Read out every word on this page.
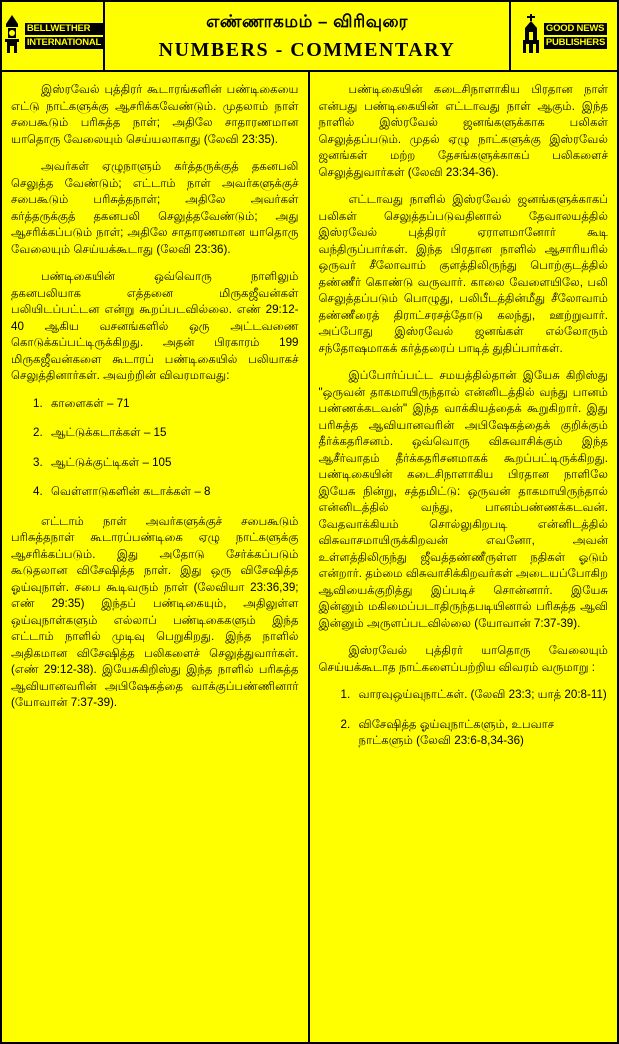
BELLWETHER
INTERNATIONAL
எண்ணாகமம் – விரிவுரை
NUMBERS - COMMENTARY
GOOD NEWS
PUBLISHERS

இஸ்ரவேல் புத்திரர் கூடாரங்களின் பண்டிகையை எட்டு நாட்களுக்கு ஆசரிக்கவேண்டும். முதலாம் நாள் சபைகூடும் பரிசுத்த நாள்; அதிலே சாதாரணமான யாதொரு வேலையும் செய்யலாகாது (லேவி 23:35).

அவர்கள் ஏழுநாளும் கர்த்தருக்குத் தகனபலி செலுத்த வேண்டும்; எட்டாம் நாள் அவர்களுக்குச் சபைகூடும் பரிசுத்தநாள்; அதிலே அவர்கள் கர்த்தருக்குத் தகனபலி செலுத்தவேண்டும்; அது ஆசரிக்கப்படும் நாள்; அதிலே சாதாரணமான யாதொரு வேலையும் செய்யக்கூடாது (லேவி 23:36).

பண்டிகையின் ஒவ்வொரு நாளிலும் தகனபலியாக எத்தனை மிருகஜீவன்கள் பலியிடப்பட்டன என்று கூறப்படவில்லை. எண் 29:12-40 ஆகிய வசனங்களில் ஒரு அட்டவணை கொடுக்கப்பட்டிருக்கிறது. அதன் பிரகாரம் 199 மிருகஜீவன்களை கூடாரப் பண்டிகையில் பலியாகச் செலுத்தினார்கள். அவற்றின் விவரமாவது:

காளைகள் – 71
ஆட்டுக்கடாக்கள் – 15
ஆட்டுக்குட்டிகள் – 105
வெள்ளாடுகளின் கடாக்கள் – 8

எட்டாம் நாள் அவர்களுக்குச் சபைகூடும் பரிசுத்தநாள் கூடாரப்பண்டிகை ஏழு நாட்களுக்கு ஆசரிக்கப்படும். இது அதோடு சேர்க்கப்படும் கூடுதலான விசேஷித்த நாள். இது ஒரு விசேஷித்த ஓய்வுநாள். சபை கூடிவரும் நாள் (லேவியா 23:36,39; எண் 29:35) இந்தப் பண்டிகையும், அதிலுள்ள ஒய்வுநாள்களும் எல்லாப் பண்டிகைகளும் இந்த எட்டாம் நாளில் முடிவு பெறுகிறது. இந்த நாளில் அதிகமான விசேஷித்த பலிகளைச் செலுத்துவார்கள். (எண் 29:12-38). இயேசுகிறிஸ்து இந்த நாளில் பரிசுத்த ஆவியானவரின் அபிஷேகத்தை வாக்குப்பண்ணினார் (யோவான் 7:37-39).

பண்டிகையின் கடைசிநாளாகிய பிரதான நாள் என்பது பண்டிகையின் எட்டாவது நாள் ஆகும். இந்த நாளில் இஸ்ரவேல் ஜனங்களுக்காக பலிகள் செலுத்தப்படும். முதல் ஏழு நாட்களுக்கு இஸ்ரவேல் ஜனங்கள் மற்ற தேசங்களுக்காகப் பலிகளைச் செலுத்துவார்கள் (லேவி 23:34-36).

எட்டாவது நாளில் இஸ்ரவேல் ஜனங்களுக்காகப் பலிகள் செலுத்தப்படுவதினால் தேவாலயத்தில் இஸ்ரவேல் புத்திரர் ஏராளமானோர் கூடி வந்திருப்பார்கள். இந்த பிரதான நாளில் ஆசாரியரில் ஒருவர் சீலோவாம் குளத்திலிருந்து பொற்குடத்தில் தண்ணீர் கொண்டு வருவார். காலை வேளையிலே, பலி செலுத்தப்படும் பொழுது, பலிபீடத்தின்மீது சீலோவாம் தண்ணீரைத் திராட்சரசத்தோடு கலந்து, ஊற்றுவார். அப்போது இஸ்ரவேல் ஜனங்கள் எல்லோரும் சந்தோஷமாகக் கர்த்தரைப் பாடித் துதிப்பார்கள்.

இப்போர்ப்பட்ட சமயத்தில்தான் இயேசு கிறிஸ்து "ஒருவன் தாகமாயிருந்தால் என்னிடத்தில் வந்து பானம் பண்ணக்கடவன்" இந்த வாக்கியத்தைக் கூறுகிறார். இது பரிசுத்த ஆவியானவரின் அபிஷேகத்தைக் குறிக்கும் தீர்க்கதரிசனம். ஒவ்வொரு விசுவாசிக்கும் இந்த ஆசீர்வாதம் தீர்க்கதரிசனமாகக் கூறப்பட்டிருக்கிறது. பண்டிகையின் கடைசிநாளாகிய பிரதான நாளிலே இயேசு நின்று, சத்தமிட்டு: ஒருவன் தாகமாயிருந்தால் என்னிடத்தில் வந்து, பானம்பண்ணக்கடவன். வேதவாக்கியம் சொல்லுகிறபடி என்னிடத்தில் விசுவாசமாயிருக்கிறவன் எவனோ, அவன் உள்ளத்திலிருந்து ஜீவத்தண்ணீருள்ள நதிகள் ஓடும் என்றார். தம்மை விசுவாசிக்கிறவர்கள் அடையப்போகிற ஆவியைக்குறித்து இப்படிச் சொன்னார். இயேசு இன்னும் மகிமைப்படாதிருந்தபடியினால் பரிசுத்த ஆவி இன்னும் அருளப்படவில்லை (யோவான் 7:37-39).

இஸ்ரவேல் புத்திரர் யாதொரு வேலையும் செய்யக்கூடாத நாட்களைப்பற்றிய விவரம் வருமாறு :

வாரவுஒய்வுநாட்கள். (லேவி 23:3; யாத் 20:8-11)
விசேஷித்த ஓய்வுநாட்களும், உபவாச நாட்களும் (லேவி 23:6-8,34-36)
